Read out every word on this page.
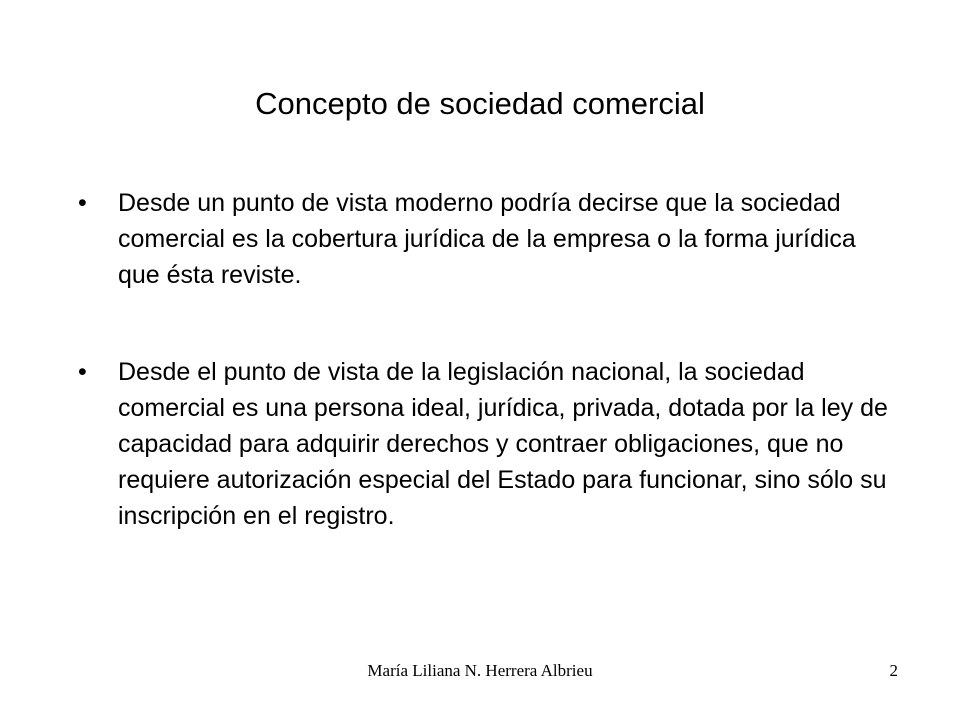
Concepto de sociedad comercial
•	Desde un punto de vista moderno podría decirse que la sociedad comercial es la cobertura jurídica de la empresa o la forma jurídica que ésta reviste.
•	Desde el punto de vista de la legislación nacional, la sociedad comercial es una persona ideal, jurídica, privada, dotada por la ley de capacidad para adquirir derechos y contraer obligaciones, que no requiere autorización especial del Estado para funcionar, sino sólo su inscripción en el registro.
María Liliana N. Herrera Albrieu	2
